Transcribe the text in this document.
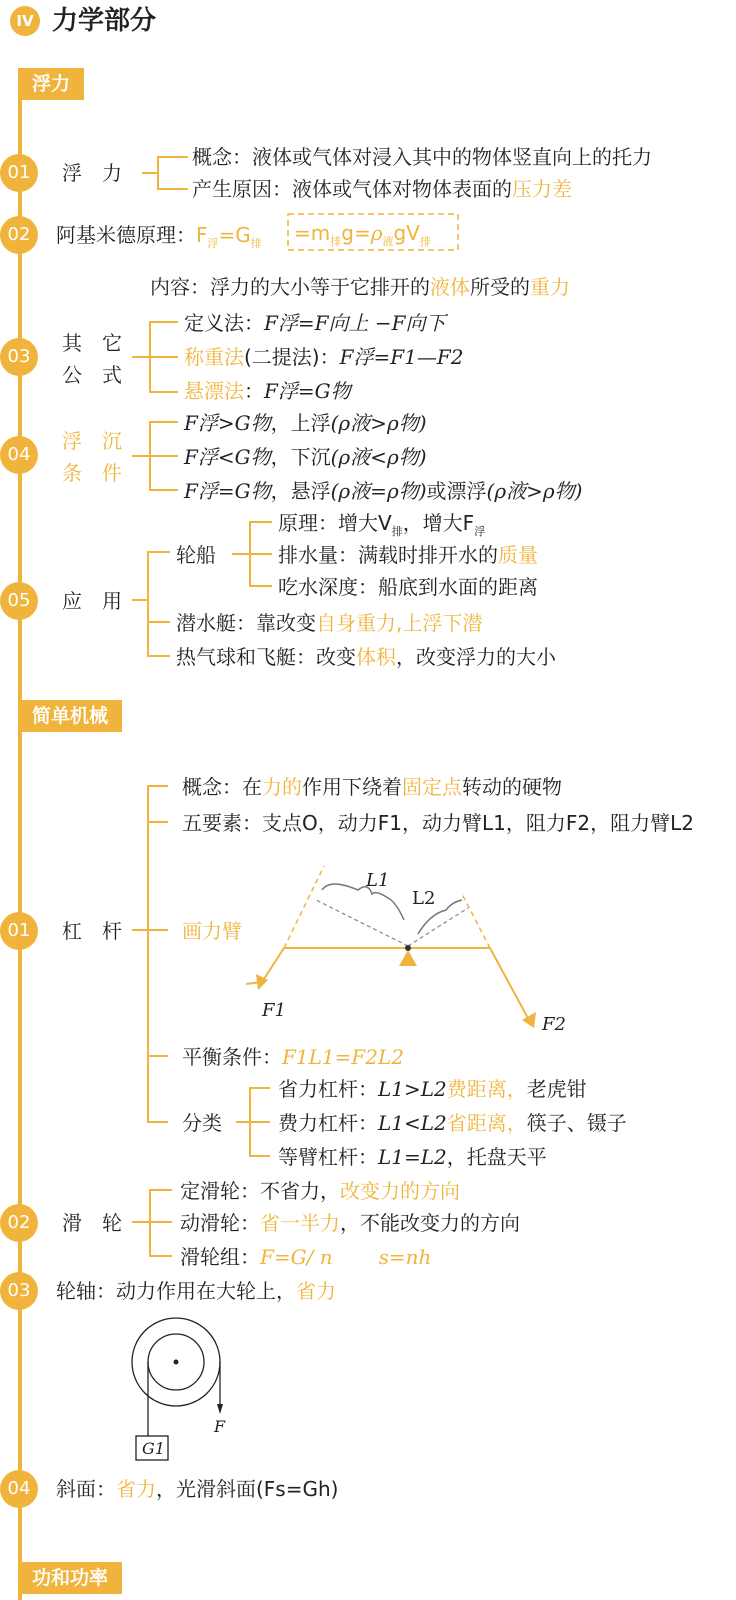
IV 力学部分
浮力
简单机械
功和功率
01	浮　力
概念：液体或气体对浸入其中的物体竖直向上的托力
产生原因：液体或气体对物体表面的压力差
02	阿基米德原理：$F_浮=G_排 =m_排g=\rho_液gV_排$
内容：浮力的大小等于它排开的液体所受的重力
03
其　它
公　式
定义法：F浮=F向上 −F向下
称重法(二提法)：F浮=F1—F2
悬漂法：F浮=G物
04
浮　沉
条　件
F浮>G物，上浮(ρ液>ρ物)
F浮<G物，下沉(ρ液<ρ物)
F浮=G物，悬浮(ρ液=ρ物)或漂浮(ρ液>ρ物)
05	应　用
轮船
原理：增大$V_排$，增大$F_浮$
排水量：满载时排开水的质量
吃水深度：船底到水面的距离
潜水艇：靠改变自身重力,上浮下潜
热气球和飞艇：改变体积，改变浮力的大小
概念：在力的作用下绕着固定点转动的硬物
五要素：支点O，动力F1，动力臂L1，阻力F2，阻力臂L2
01	杠　杆	画力臂
L1
L2
F1
F2
平衡条件：F1L1=F2L2
分类
省力杠杆：L1>L2费距离，老虎钳
费力杠杆：L1<L2省距离，筷子、镊子
等臂杠杆：L1=L2，托盘天平
02	滑　轮
定滑轮：不省力，改变力的方向
动滑轮：省一半力，不能改变力的方向
滑轮组：F=G/ n s=nh
03	轮轴：动力作用在大轮上，省力
G1
F
04	斜面：省力，光滑斜面(Fs=Gh)
